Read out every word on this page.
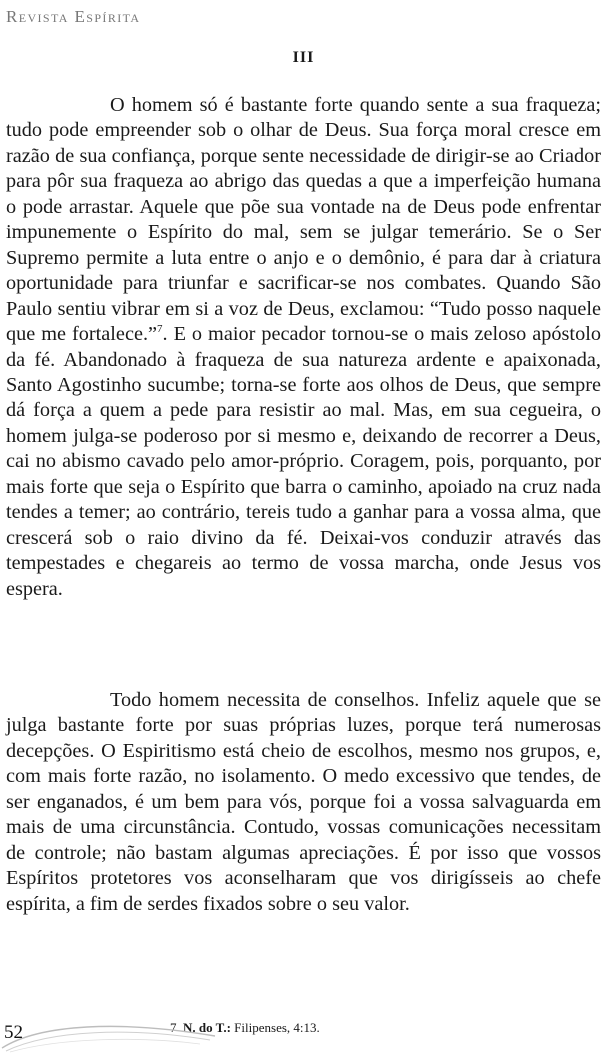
Revista Espírita
III

O homem só é bastante forte quando sente a sua fraqueza; tudo pode empreender sob o olhar de Deus. Sua força moral cresce em razão de sua confiança, porque sente necessidade de dirigir-se ao Criador para pôr sua fraqueza ao abrigo das quedas a que a imperfeição humana o pode arrastar. Aquele que põe sua vontade na de Deus pode enfrentar impunemente o Espírito do mal, sem se julgar temerário. Se o Ser Supremo permite a luta entre o anjo e o demônio, é para dar à criatura oportunidade para triunfar e sacrificar-se nos combates. Quando São Paulo sentiu vibrar em si a voz de Deus, exclamou: “Tudo posso naquele que me fortalece.”$^7$. E o maior pecador tornou-se o mais zeloso apóstolo da fé. Abandonado à fraqueza de sua natureza ardente e apaixonada, Santo Agostinho sucumbe; torna-se forte aos olhos de Deus, que sempre dá força a quem a pede para resistir ao mal. Mas, em sua cegueira, o homem julga-se poderoso por si mesmo e, deixando de recorrer a Deus, cai no abismo cavado pelo amor-próprio. Coragem, pois, porquanto, por mais forte que seja o Espírito que barra o caminho, apoiado na cruz nada tendes a temer; ao contrário, tereis tudo a ganhar para a vossa alma, que crescerá sob o raio divino da fé. Deixai-vos conduzir através das tempestades e chegareis ao termo de vossa marcha, onde Jesus vos espera.

Todo homem necessita de conselhos. Infeliz aquele que se julga bastante forte por suas próprias luzes, porque terá numerosas decepções. O Espiritismo está cheio de escolhos, mesmo nos grupos, e, com mais forte razão, no isolamento. O medo excessivo que tendes, de ser enganados, é um bem para vós, porque foi a vossa salvaguarda em mais de uma circunstância. Contudo, vossas comunicações necessitam de controle; não bastam algumas apreciações. É por isso que vossos Espíritos protetores vos aconselharam que vos dirigísseis ao chefe espírita, a fim de serdes fixados sobre o seu valor.

7 N. do T.: Filipenses, 4:13.
52
